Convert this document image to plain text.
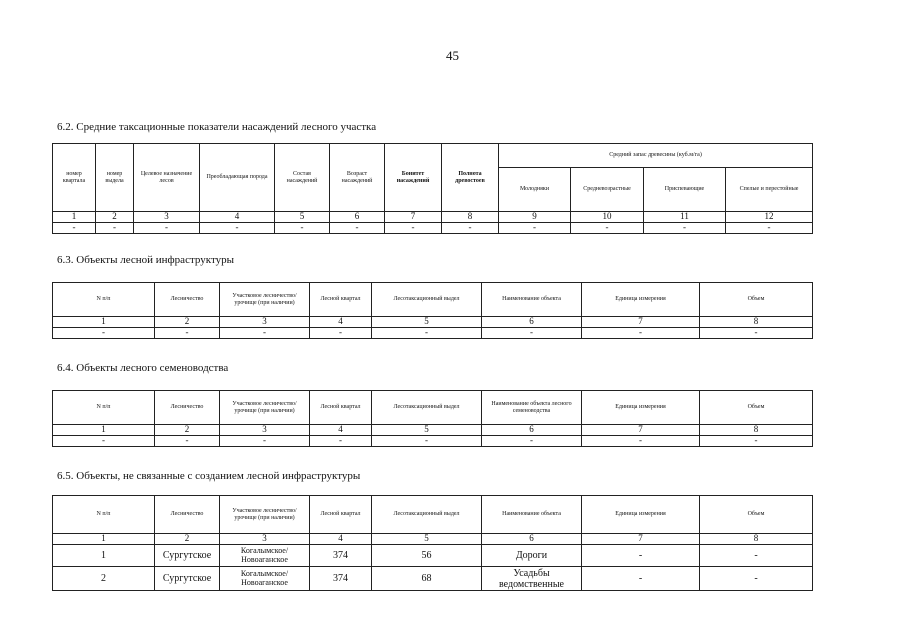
45
6.2. Средние таксационные показатели насаждений лесного участка
номер квартала	номер выдела	Целевое назначение лесов	Преобладающая порода	Состав насаждений	Возраст насаждений	Бонитет насаждений	Полнота древостоев	Средний запас древесины (куб.м/га)			
								Молодняки	Средневозрастные	Приспевающие	Спелые и перестойные
1	2	3	4	5	6	7	8	9	10	11	12
-	-	-	-	-	-	-	-	-	-	-	-
6.3. Объекты лесной инфраструктуры
N п/п	Лесничество	Участковое лесничество/урочище (при наличии)	Лесной квартал	Лесотаксационный выдел	Наименование объекта	Единица измерения	Объем
1	2	3	4	5	6	7	8
-	-	-	-	-	-	-	-
6.4. Объекты лесного семеноводства
N п/п	Лесничество	Участковое лесничество/урочище (при наличии)	Лесной квартал	Лесотаксационный выдел	Наименование объекта лесного семеноводства	Единица измерения	Объем
1	2	3	4	5	6	7	8
-	-	-	-	-	-	-	-
6.5. Объекты, не связанные с созданием лесной инфраструктуры
N п/п	Лесничество	Участковое лесничество/урочище (при наличии)	Лесной квартал	Лесотаксационный выдел	Наименование объекта	Единица измерения	Объем
1	2	3	4	5	6	7	8
1	Сургутское	Когалымское/ Новоаганское	374	56	Дороги	-	-
2	Сургутское	Когалымское/ Новоаганское	374	68	Усадьбы ведомственные	-	-
